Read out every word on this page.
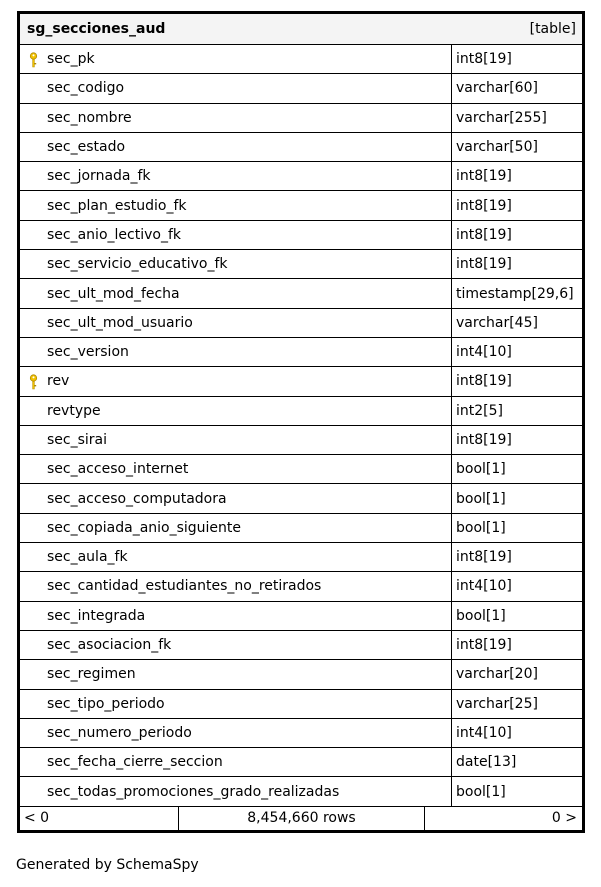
sg_secciones_aud	[table]
sec_pk	int8[19]
sec_codigo	varchar[60]
sec_nombre	varchar[255]
sec_estado	varchar[50]
sec_jornada_fk	int8[19]
sec_plan_estudio_fk	int8[19]
sec_anio_lectivo_fk	int8[19]
sec_servicio_educativo_fk	int8[19]
sec_ult_mod_fecha	timestamp[29,6]
sec_ult_mod_usuario	varchar[45]
sec_version	int4[10]
rev	int8[19]
revtype	int2[5]
sec_sirai	int8[19]
sec_acceso_internet	bool[1]
sec_acceso_computadora	bool[1]
sec_copiada_anio_siguiente	bool[1]
sec_aula_fk	int8[19]
sec_cantidad_estudiantes_no_retirados	int4[10]
sec_integrada	bool[1]
sec_asociacion_fk	int8[19]
sec_regimen	varchar[20]
sec_tipo_periodo	varchar[25]
sec_numero_periodo	int4[10]
sec_fecha_cierre_seccion	date[13]
sec_todas_promociones_grado_realizadas	bool[1]
< 0	8,454,660 rows	0 >
Generated by SchemaSpy
